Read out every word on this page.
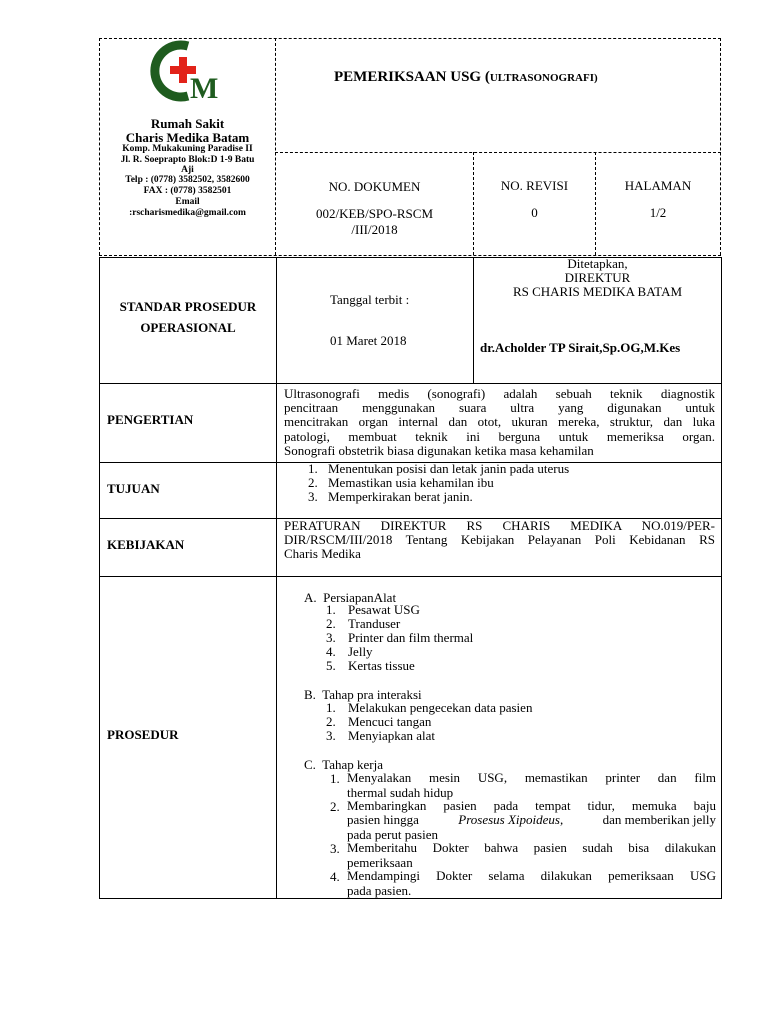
M
Rumah Sakit
Charis Medika Batam
Komp. Mukakuning Paradise II
Jl. R. Soeprapto Blok:D 1-9 Batu
Aji
Telp : (0778) 3582502, 3582600
FAX : (0778) 3582501
Email
:rscharismedika@gmail.com
PEMERIKSAAN USG (ULTRASONOGRAFI)
NO. DOKUMEN
002/KEB/SPO-RSCM
/III/2018
NO. REVISI
0
HALAMAN
1/2
STANDAR PROSEDUR
OPERASIONAL
Tanggal terbit :
01 Maret 2018
Ditetapkan,
DIREKTUR
RS CHARIS MEDIKA BATAM
dr.Acholder TP Sirait,Sp.OG,M.Kes
PENGERTIAN
Ultrasonografi medis (sonografi) adalah sebuah teknik diagnostik
pencitraan menggunakan suara ultra yang digunakan untuk
mencitrakan organ internal dan otot, ukuran mereka, struktur, dan luka
patologi, membuat teknik ini berguna untuk memeriksa organ.
Sonografi obstetrik biasa digunakan ketika masa kehamilan
TUJUAN
1. Menentukan posisi dan letak janin pada uterus
2. Memastikan usia kehamilan ibu
3. Memperkirakan berat janin.
KEBIJAKAN
PERATURAN DIREKTUR RS CHARIS MEDIKA NO.019/PER-
DIR/RSCM/III/2018 Tentang Kebijakan Pelayanan Poli Kebidanan RS
Charis Medika
PROSEDUR
A.  PersiapanAlat
1. Pesawat USG
2. Tranduser
3. Printer dan film thermal
4. Jelly
5. Kertas tissue
B.  Tahap pra interaksi
1. Melakukan pengecekan data pasien
2. Mencuci tangan
3. Menyiapkan alat
C.  Tahap kerja
1. Menyalakan mesin USG, memastikan printer dan film
thermal sudah hidup
2. Membaringkan pasien pada tempat tidur, memuka baju
pasien hingga	Prosesus Xipoideus,	dan memberikan jelly
pada perut pasien
3. Memberitahu Dokter bahwa pasien sudah bisa dilakukan
pemeriksaan
4. Mendampingi Dokter selama dilakukan pemeriksaan USG
pada pasien.
